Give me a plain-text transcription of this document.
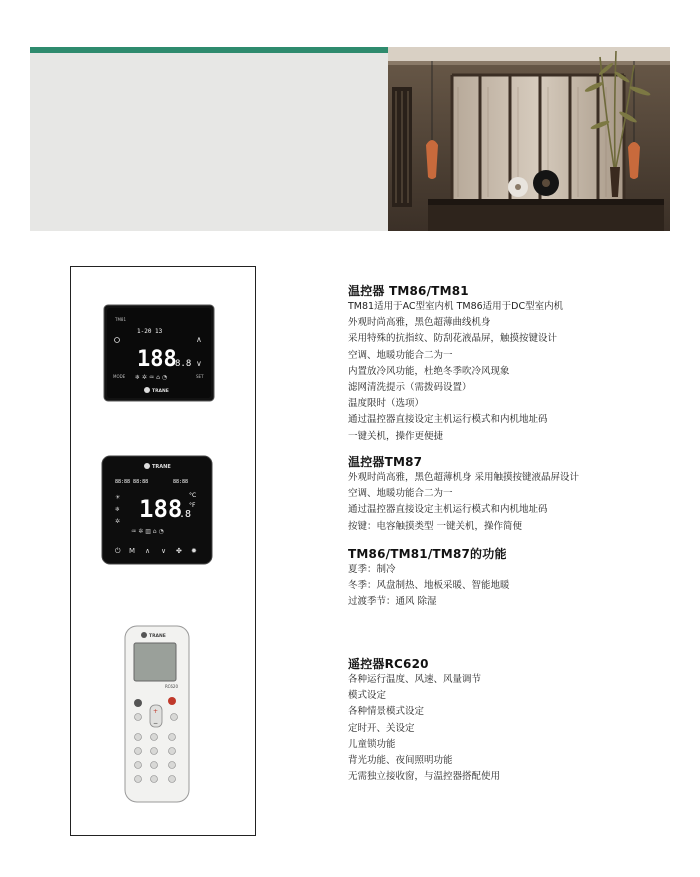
TM81
1-20 13
∧
∨
188
8.8
MODE	SET
❄ ✲ ♒ ⌂ ◔
TRANE
TRANE
88:88 88:88	88:88
188
.8
°C
°F
☀
❄
✲
♒ ✲ ▥ ⌂ ◔
⏻ M ∧ ∨ ✤ ✹
TRANE
RC620
+
−
温控器 TM86/TM81
TM81适用于AC型室内机 TM86适用于DC型室内机
外观时尚高雅，黑色超薄曲线机身
采用特殊的抗指纹、防刮花液晶屏，触摸按键设计
空调、地暖功能合二为一
内置放冷风功能，杜绝冬季吹冷风现象
滤网清洗提示（需拨码设置）
温度限时（选项）
通过温控器直接设定主机运行模式和内机地址码
一键关机，操作更便捷
温控器TM87
外观时尚高雅，黑色超薄机身 采用触摸按键液晶屏设计
空调、地暖功能合二为一
通过温控器直接设定主机运行模式和内机地址码
按键：电容触摸类型 一键关机，操作简便
TM86/TM81/TM87的功能
夏季：制冷
冬季：风盘制热、地板采暖、智能地暖
过渡季节：通风 除湿
遥控器RC620
各种运行温度、风速、风量调节
模式设定
各种情景模式设定
定时开、关设定
儿童锁功能
背光功能、夜间照明功能
无需独立接收窗，与温控器搭配使用
